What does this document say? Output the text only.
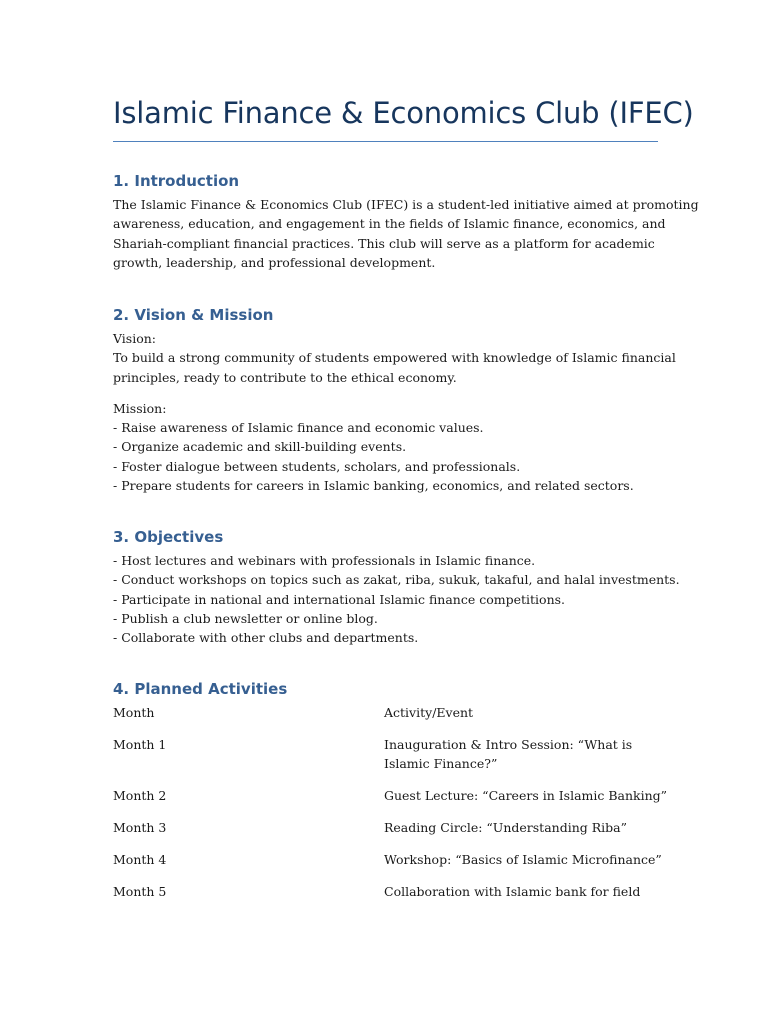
Islamic Finance & Economics Club (IFEC)
1. Introduction

The Islamic Finance & Economics Club (IFEC) is a student-led initiative aimed at promoting

awareness, education, and engagement in the fields of Islamic finance, economics, and

Shariah-compliant financial practices. This club will serve as a platform for academic

growth, leadership, and professional development.

2. Vision & Mission

Vision:

To build a strong community of students empowered with knowledge of Islamic financial

principles, ready to contribute to the ethical economy.

Mission:

- Raise awareness of Islamic finance and economic values.
- Organize academic and skill-building events.
- Foster dialogue between students, scholars, and professionals.
- Prepare students for careers in Islamic banking, economics, and related sectors.
3. Objectives
- Host lectures and webinars with professionals in Islamic finance.
- Conduct workshops on topics such as zakat, riba, sukuk, takaful, and halal investments.
- Participate in national and international Islamic finance competitions.
- Publish a club newsletter or online blog.
- Collaborate with other clubs and departments.
4. Planned Activities
Month	Activity/Event
Month 1	Inauguration & Intro Session: “What is Islamic Finance?”
Month 2	Guest Lecture: “Careers in Islamic Banking”
Month 3	Reading Circle: “Understanding Riba”
Month 4	Workshop: “Basics of Islamic Microfinance”
Month 5	Collaboration with Islamic bank for field
